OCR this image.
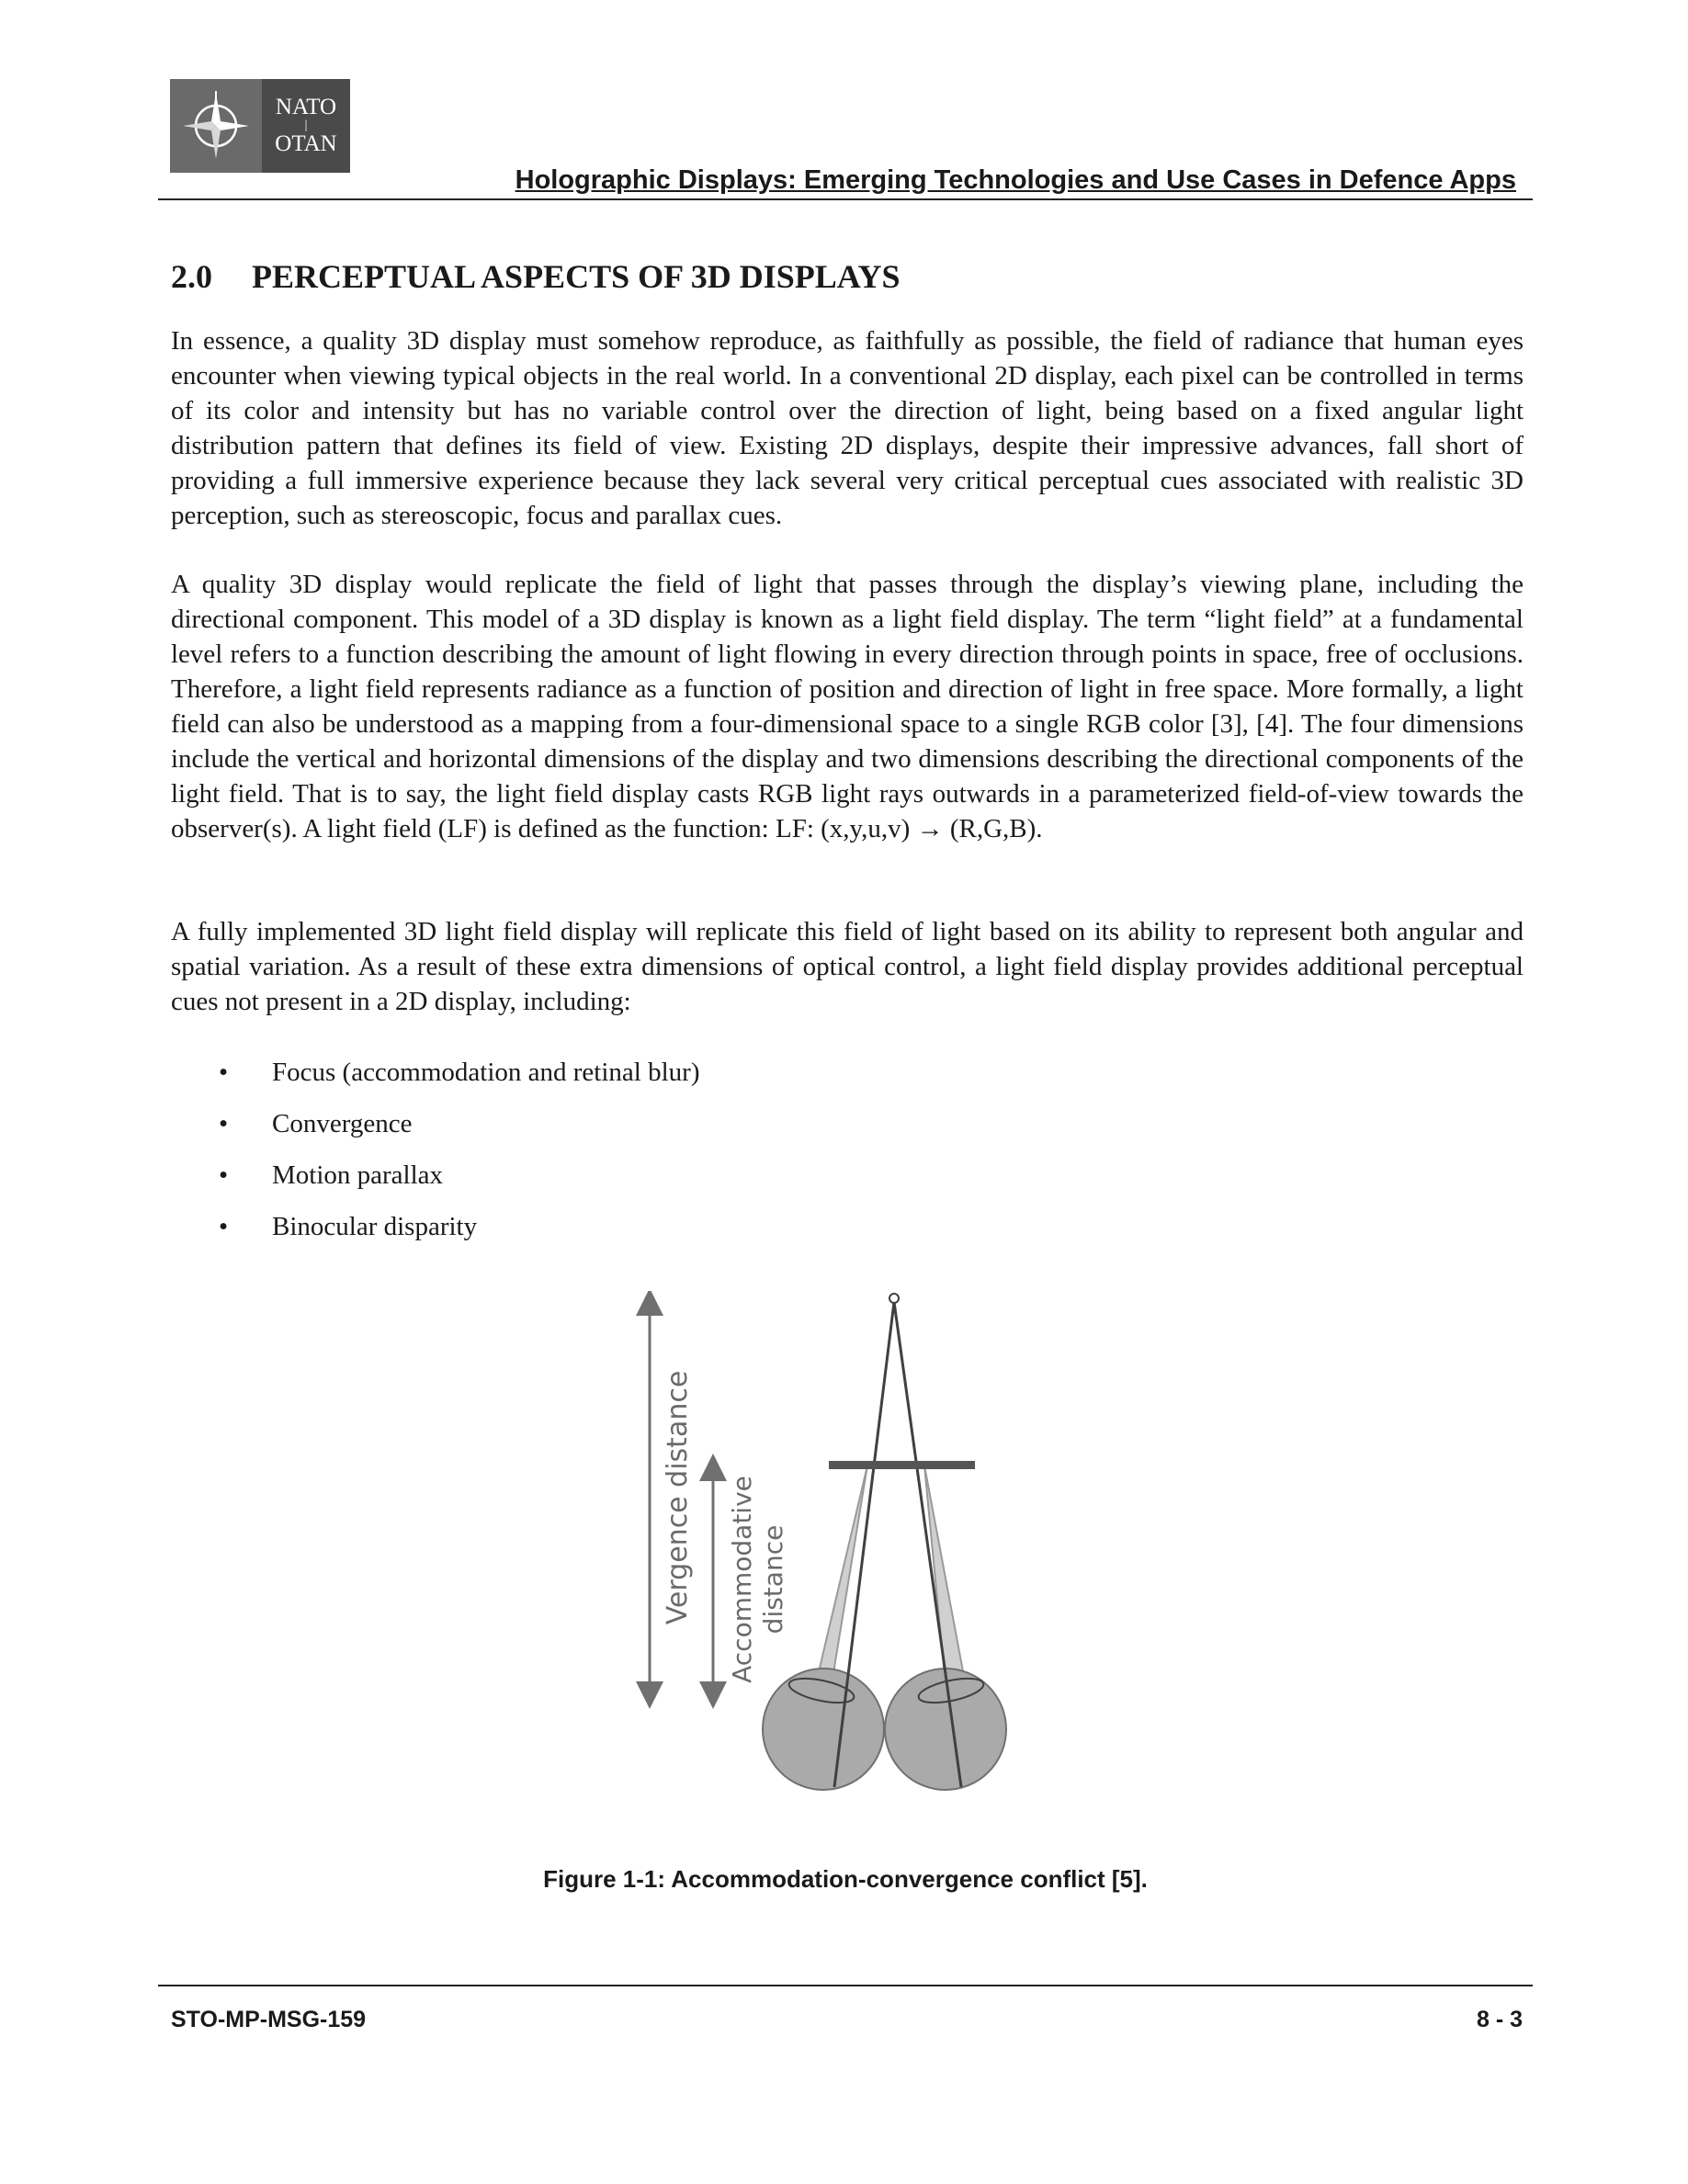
NATO
|
OTAN
Holographic Displays: Emerging Technologies and Use Cases in Defence Apps
2.0 PERCEPTUAL ASPECTS OF 3D DISPLAYS

In essence, a quality 3D display must somehow reproduce, as faithfully as possible, the field of radiance that human eyes encounter when viewing typical objects in the real world. In a conventional 2D display, each pixel can be controlled in terms of its color and intensity but has no variable control over the direction of light, being based on a fixed angular light distribution pattern that defines its field of view. Existing 2D displays, despite their impressive advances, fall short of providing a full immersive experience because they lack several very critical perceptual cues associated with realistic 3D perception, such as stereoscopic, focus and parallax cues.

A quality 3D display would replicate the field of light that passes through the display’s viewing plane, including the directional component. This model of a 3D display is known as a light field display. The term “light field” at a fundamental level refers to a function describing the amount of light flowing in every direction through points in space, free of occlusions. Therefore, a light field represents radiance as a function of position and direction of light in free space. More formally, a light field can also be understood as a mapping from a four-dimensional space to a single RGB color [3], [4]. The four dimensions include the vertical and horizontal dimensions of the display and two dimensions describing the directional components of the light field. That is to say, the light field display casts RGB light rays outwards in a parameterized field-of-view towards the observer(s). A light field (LF) is defined as the function: LF: (x,y,u,v) → (R,G,B).

A fully implemented 3D light field display will replicate this field of light based on its ability to represent both angular and spatial variation. As a result of these extra dimensions of optical control, a light field display provides additional perceptual cues not present in a 2D display, including:

•	Focus (accommodation and retinal blur)
•	Convergence
•	Motion parallax
•	Binocular disparity
Vergence distance Accommodative distance
Figure 1-1: Accommodation-convergence conflict [5].
STO-MP-MSG-159	8 - 3
